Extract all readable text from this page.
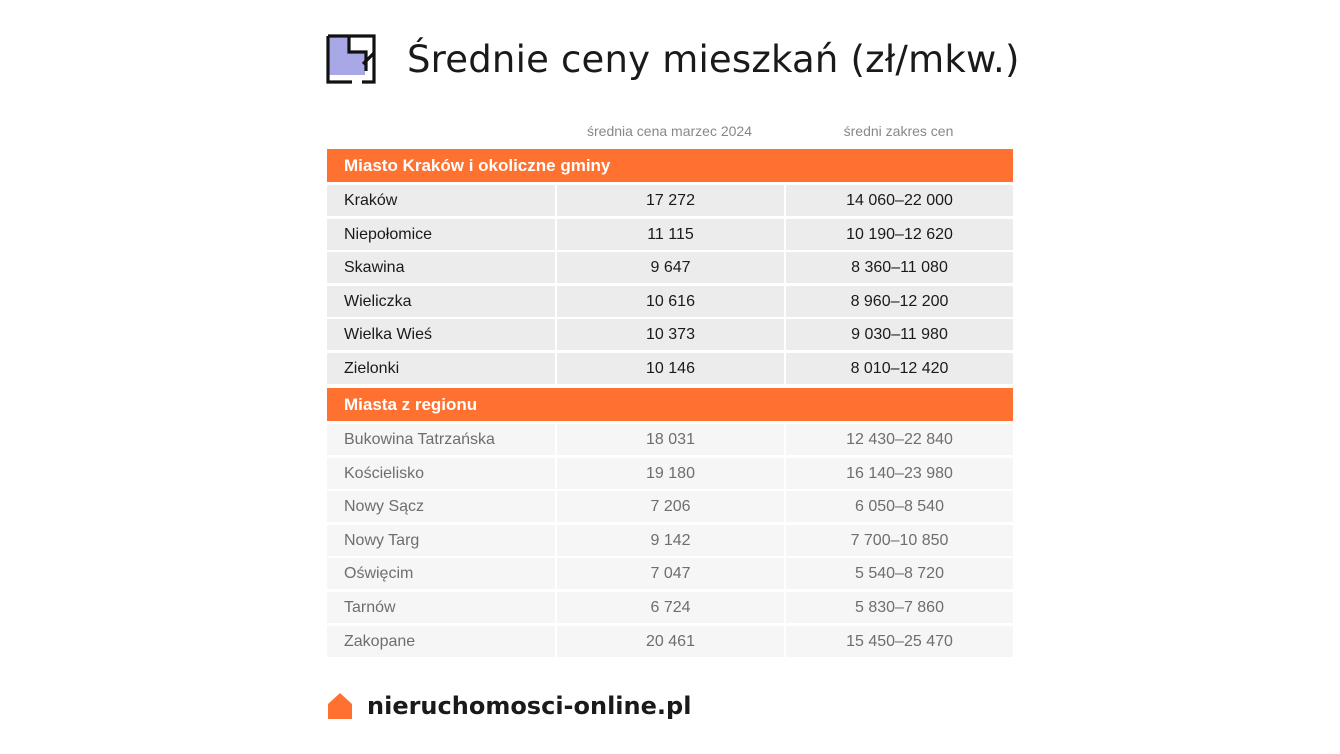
Średnie ceny mieszkań (zł/mkw.)
średnia cena marzec 2024	średni zakres cen
Miasto Kraków i okoliczne gminy
Kraków	17 272	14 060–22 000
Niepołomice	11 115	10 190–12 620
Skawina	9 647	8 360–11 080
Wieliczka	10 616	8 960–12 200
Wielka Wieś	10 373	9 030–11 980
Zielonki	10 146	8 010–12 420
Miasta z regionu
Bukowina Tatrzańska	18 031	12 430–22 840
Kościelisko	19 180	16 140–23 980
Nowy Sącz	7 206	6 050–8 540
Nowy Targ	9 142	7 700–10 850
Oświęcim	7 047	5 540–8 720
Tarnów	6 724	5 830–7 860
Zakopane	20 461	15 450–25 470
nieruchomosci-online.pl
